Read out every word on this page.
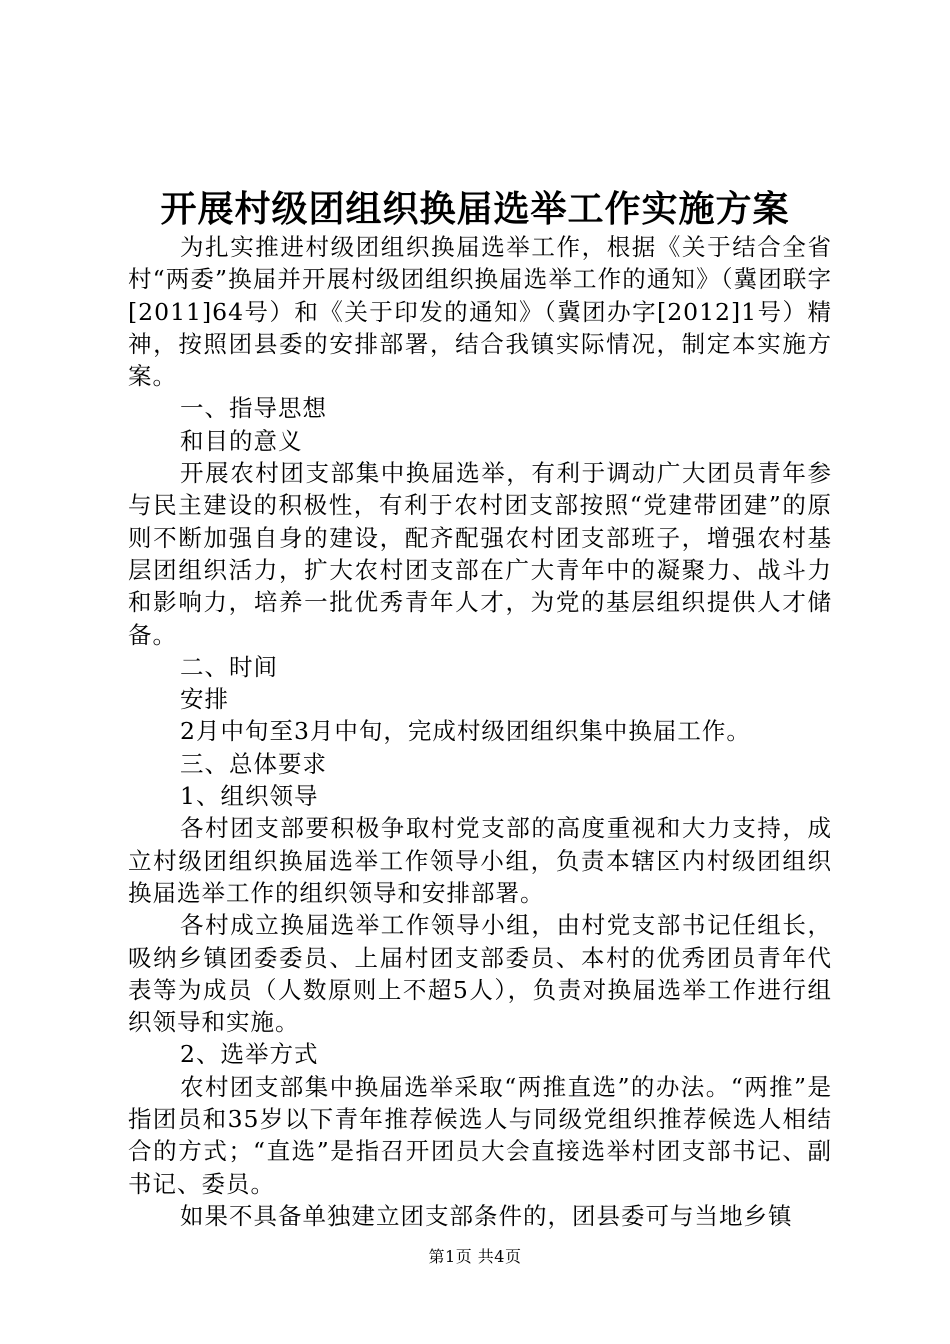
开展村级团组织换届选举工作实施方案

为扎实推进村级团组织换届选举工作，根据《关于结合全省村“两委”换届并开展村级团组织换届选举工作的通知》（冀团联字[2011]64号）和《关于印发的通知》（冀团办字[2012]1号）精神，按照团县委的安排部署，结合我镇实际情况，制定本实施方案。

一、指导思想

和目的意义

开展农村团支部集中换届选举，有利于调动广大团员青年参与民主建设的积极性，有利于农村团支部按照“党建带团建”的原则不断加强自身的建设，配齐配强农村团支部班子，增强农村基层团组织活力，扩大农村团支部在广大青年中的凝聚力、战斗力和影响力，培养一批优秀青年人才，为党的基层组织提供人才储备。

二、时间

安排

2月中旬至3月中旬，完成村级团组织集中换届工作。

三、总体要求

1、组织领导

各村团支部要积极争取村党支部的高度重视和大力支持，成立村级团组织换届选举工作领导小组，负责本辖区内村级团组织换届选举工作的组织领导和安排部署。

各村成立换届选举工作领导小组，由村党支部书记任组长，吸纳乡镇团委委员、上届村团支部委员、本村的优秀团员青年代表等为成员（人数原则上不超5人），负责对换届选举工作进行组织领导和实施。

2、选举方式

农村团支部集中换届选举采取“两推直选”的办法。“两推”是指团员和35岁以下青年推荐候选人与同级党组织推荐候选人相结合的方式；“直选”是指召开团员大会直接选举村团支部书记、副书记、委员。

如果不具备单独建立团支部条件的，团县委可与当地乡镇

第1页 共4页
